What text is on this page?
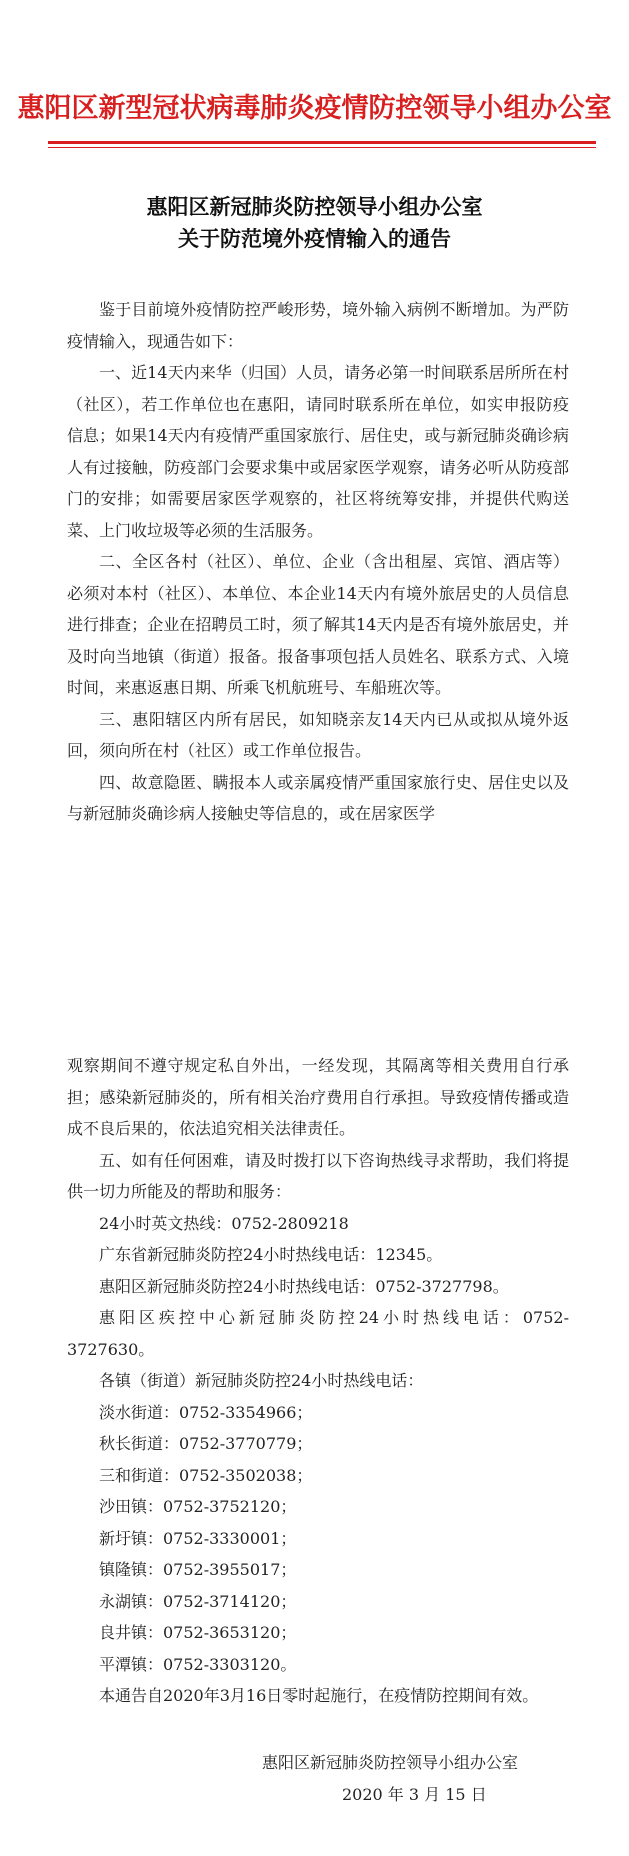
惠阳区新型冠状病毒肺炎疫情防控领导小组办公室
惠阳区新冠肺炎防控领导小组办公室
关于防范境外疫情输入的通告

鉴于目前境外疫情防控严峻形势，境外输入病例不断增加。为严防疫情输入，现通告如下：

一、近14天内来华（归国）人员，请务必第一时间联系居所所在村（社区），若工作单位也在惠阳，请同时联系所在单位，如实申报防疫信息；如果14天内有疫情严重国家旅行、居住史，或与新冠肺炎确诊病人有过接触，防疫部门会要求集中或居家医学观察，请务必听从防疫部门的安排；如需要居家医学观察的，社区将统筹安排，并提供代购送菜、上门收垃圾等必须的生活服务。

二、全区各村（社区）、单位、企业（含出租屋、宾馆、酒店等）必须对本村（社区）、本单位、本企业14天内有境外旅居史的人员信息进行排查；企业在招聘员工时，须了解其14天内是否有境外旅居史，并及时向当地镇（街道）报备。报备事项包括人员姓名、联系方式、入境时间，来惠返惠日期、所乘飞机航班号、车船班次等。

三、惠阳辖区内所有居民，如知晓亲友14天内已从或拟从境外返回，须向所在村（社区）或工作单位报告。

四、故意隐匿、瞒报本人或亲属疫情严重国家旅行史、居住史以及与新冠肺炎确诊病人接触史等信息的，或在居家医学

观察期间不遵守规定私自外出，一经发现，其隔离等相关费用自行承担；感染新冠肺炎的，所有相关治疗费用自行承担。导致疫情传播或造成不良后果的，依法追究相关法律责任。

五、如有任何困难，请及时拨打以下咨询热线寻求帮助，我们将提供一切力所能及的帮助和服务：

24小时英文热线：0752-2809218

广东省新冠肺炎防控24小时热线电话：12345。

惠阳区新冠肺炎防控24小时热线电话：0752-3727798。

惠阳区疾控中心新冠肺炎防控24小时热线电话：0752-3727630。

各镇（街道）新冠肺炎防控24小时热线电话：

淡水街道：0752-3354966；

秋长街道：0752-3770779；

三和街道：0752-3502038；

沙田镇：0752-3752120；

新圩镇：0752-3330001；

镇隆镇：0752-3955017；

永湖镇：0752-3714120；

良井镇：0752-3653120；

平潭镇：0752-3303120。

本通告自2020年3月16日零时起施行，在疫情防控期间有效。

惠阳区新冠肺炎防控领导小组办公室
2020 年 3 月 15 日
